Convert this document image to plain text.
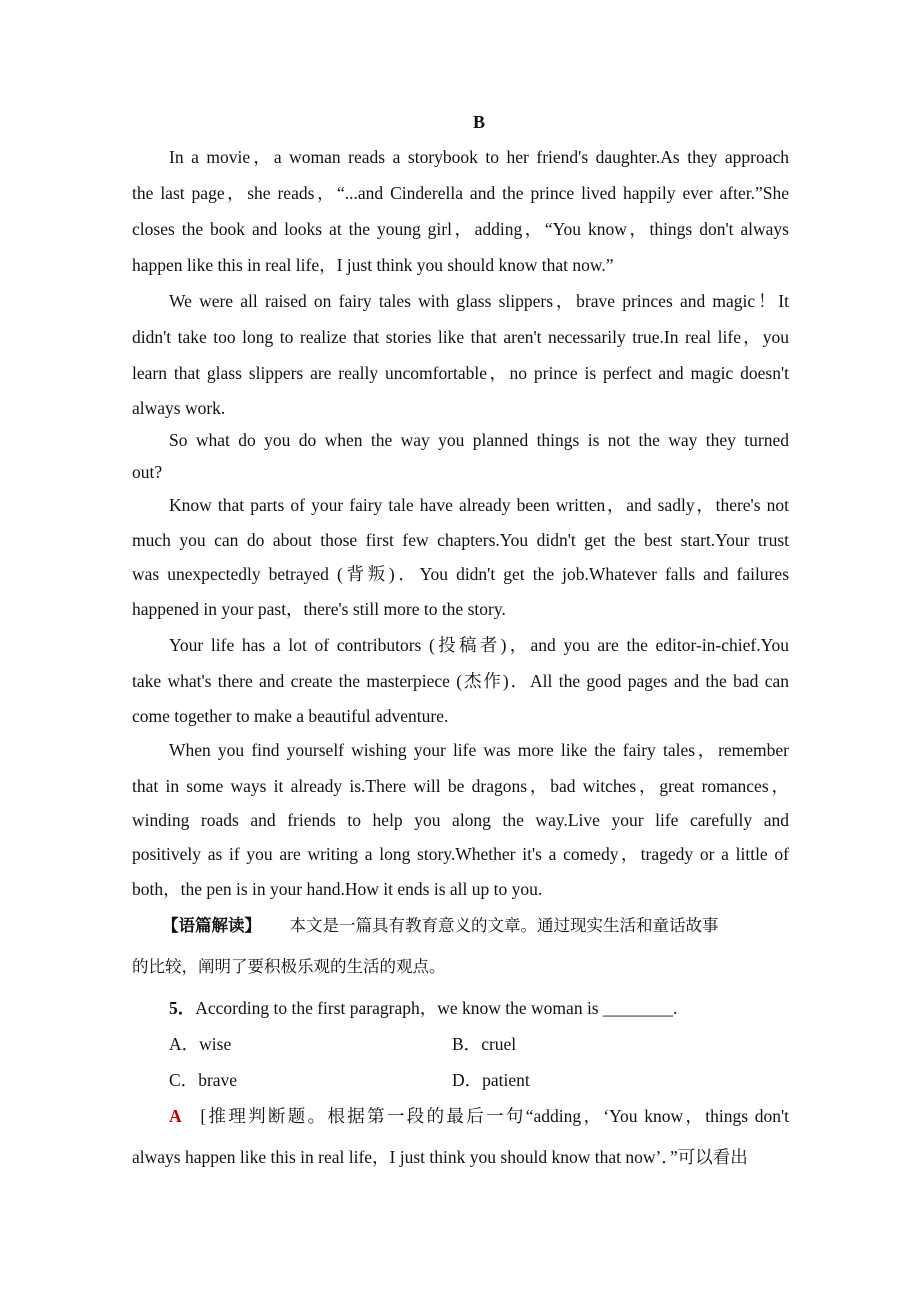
B
In a movie，a woman reads a storybook to her friend's daughter.As they approach
the last page，she reads，“...and Cinderella and the prince lived happily ever after.”She
closes the book and looks at the young girl，adding，“You know，things don't always
happen like this in real life，I just think you should know that now.”
We were all raised on fairy tales with glass slippers，brave princes and magic！It
didn't take too long to realize that stories like that aren't necessarily true.In real life，you
learn that glass slippers are really uncomfortable，no prince is perfect and magic doesn't
always work.
So what do you do when the way you planned things is not the way they turned
out?
Know that parts of your fairy tale have already been written，and sadly，there's not
much you can do about those first few chapters.You didn't get the best start.Your trust
was unexpectedly betrayed (背叛)．You didn't get the job.Whatever falls and failures
happened in your past，there's still more to the story.
Your life has a lot of contributors (投稿者)，and you are the editor-in-chief.You
take what's there and create the masterpiece (杰作)．All the good pages and the bad can
come together to make a beautiful adventure.
When you find yourself wishing your life was more like the fairy tales，remember
that in some ways it already is.There will be dragons，bad witches，great romances，
winding roads and friends to help you along the way.Live your life carefully and
positively as if you are writing a long story.Whether it's a comedy，tragedy or a little of
both，the pen is in your hand.How it ends is all up to you.
【语篇解读】 本文是一篇具有教育意义的文章。通过现实生活和童话故事
的比较，阐明了要积极乐观的生活的观点。
5．According to the first paragraph，we know the woman is ________.
A．wise	B．cruel
C．brave	D．patient
A [推理判断题。根据第一段的最后一句“adding，‘You know，things don't
always happen like this in real life，I just think you should know that now’．”可以看出
